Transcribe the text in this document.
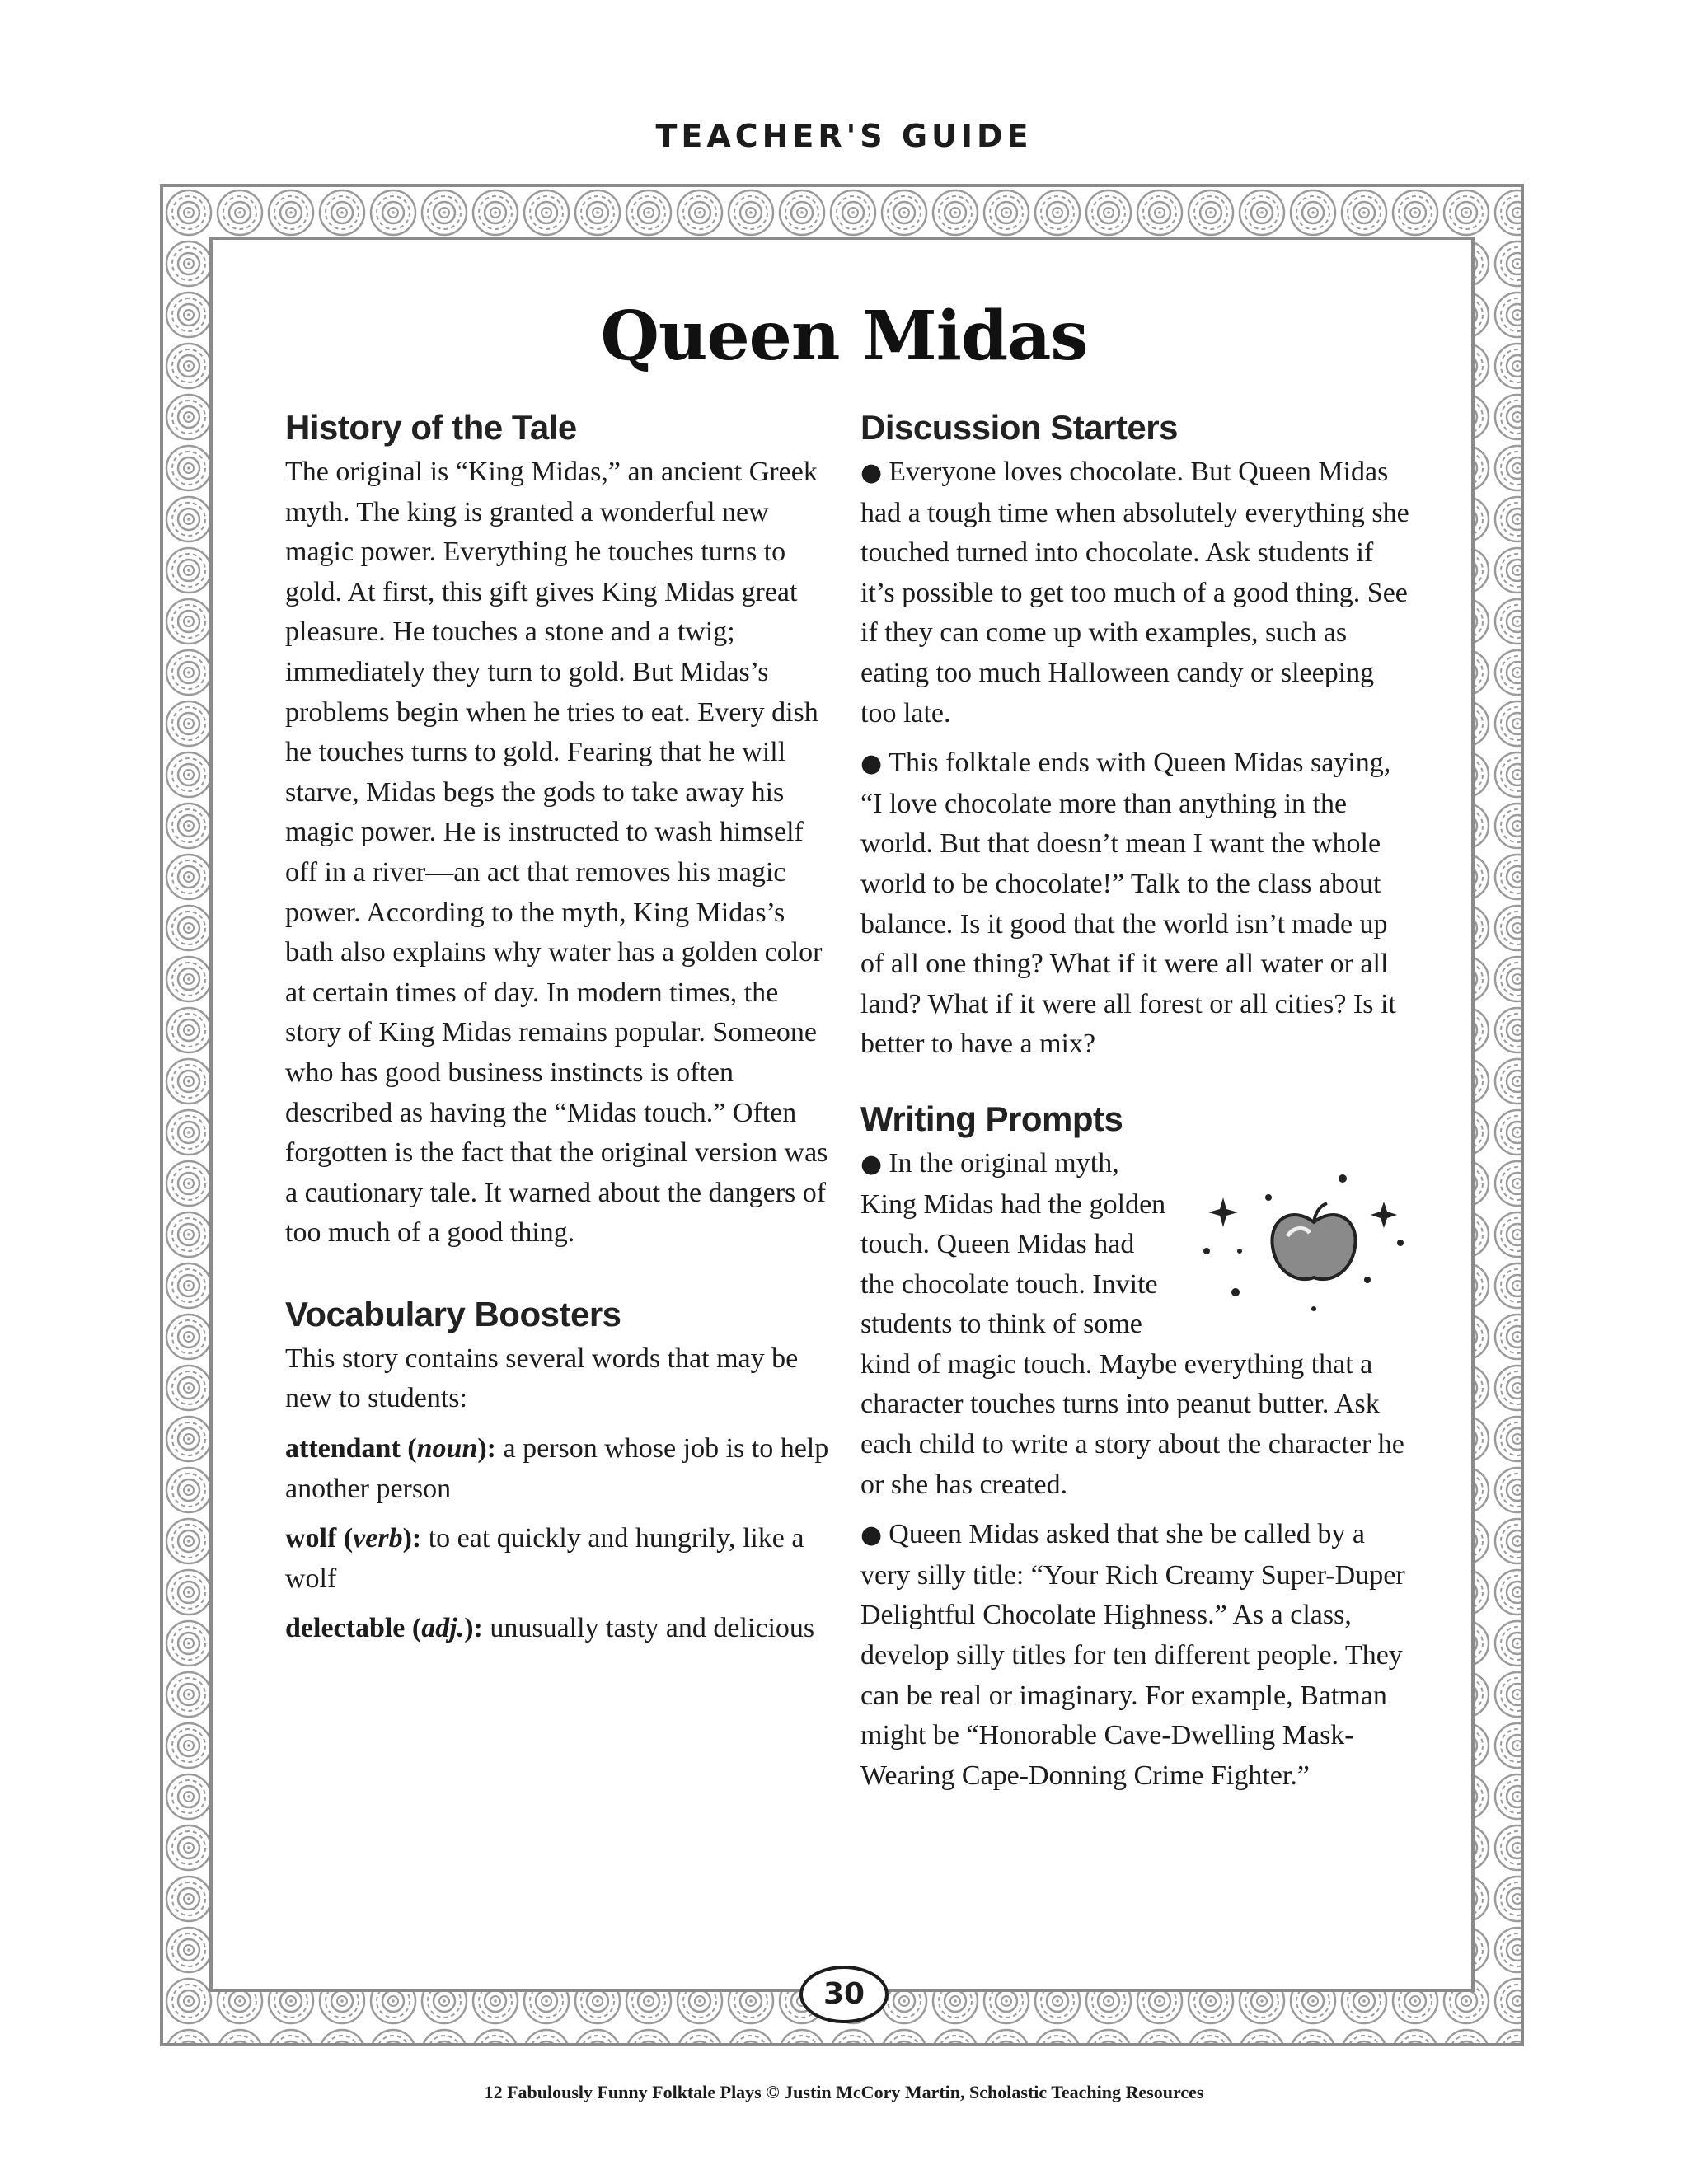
TEACHER'S GUIDE
Queen Midas
History of the Tale

The original is “King Midas,” an ancient Greek myth. The king is granted a wonderful new magic power. Everything he touches turns to gold. At first, this gift gives King Midas great pleasure. He touches a stone and a twig; immediately they turn to gold. But Midas’s problems begin when he tries to eat. Every dish he touches turns to gold. Fearing that he will starve, Midas begs the gods to take away his magic power. He is instructed to wash himself off in a river—an act that removes his magic power. According to the myth, King Midas’s bath also explains why water has a golden color at certain times of day. In modern times, the story of King Midas remains popular. Someone who has good business instincts is often described as having the “Midas touch.” Often forgotten is the fact that the original version was a cautionary tale. It warned about the dangers of too much of a good thing.

Vocabulary Boosters

This story contains several words that may be new to students:

attendant (noun): a person whose job is to help another person

wolf (verb): to eat quickly and hungrily, like a wolf

delectable (adj.): unusually tasty and delicious

Discussion Starters

● Everyone loves chocolate. But Queen Midas had a tough time when absolutely everything she touched turned into chocolate. Ask students if it’s possible to get too much of a good thing. See if they can come up with examples, such as eating too much Halloween candy or sleeping too late.

● This folktale ends with Queen Midas saying, “I love chocolate more than anything in the world. But that doesn’t mean I want the whole world to be chocolate!” Talk to the class about balance. Is it good that the world isn’t made up of all one thing? What if it were all water or all land? What if it were all forest or all cities? Is it better to have a mix?

Writing Prompts

● In the original myth, King Midas had the golden touch. Queen Midas had the chocolate touch. Invite students to think of some kind of magic touch. Maybe everything that a character touches turns into peanut butter. Ask each child to write a story about the character he or she has created.

● Queen Midas asked that she be called by a very silly title: “Your Rich Creamy Super-Duper Delightful Chocolate Highness.” As a class, develop silly titles for ten different people. They can be real or imaginary. For example, Batman might be “Honorable Cave-Dwelling Mask-Wearing Cape-Donning Crime Fighter.”

30
12 Fabulously Funny Folktale Plays © Justin McCory Martin, Scholastic Teaching Resources
